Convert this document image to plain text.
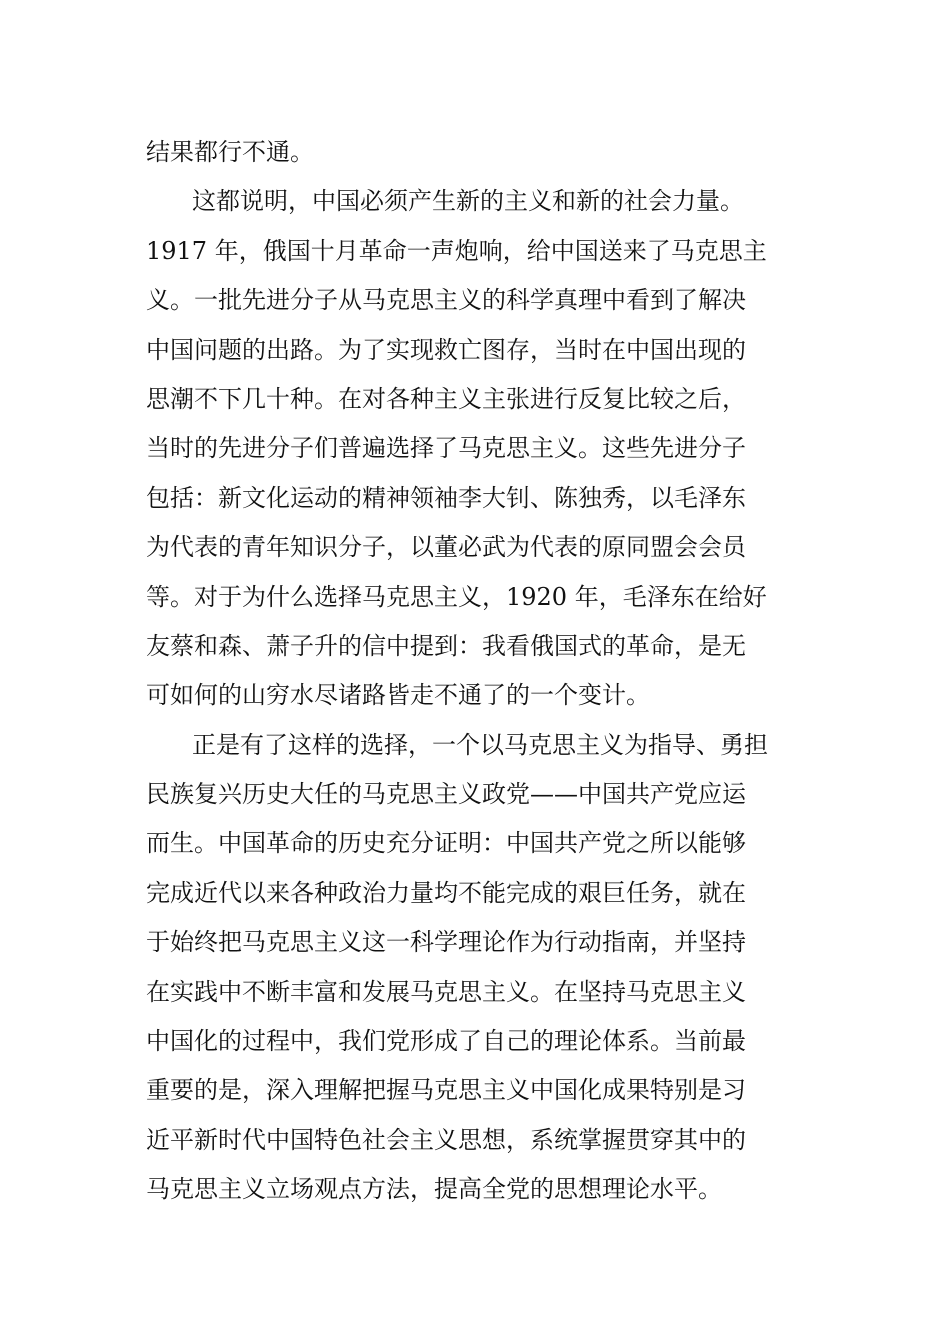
结果都行不通。
这都说明，中国必须产生新的主义和新的社会力量。
1917 年，俄国十月革命一声炮响，给中国送来了马克思主
义。一批先进分子从马克思主义的科学真理中看到了解决
中国问题的出路。为了实现救亡图存，当时在中国出现的
思潮不下几十种。在对各种主义主张进行反复比较之后，
当时的先进分子们普遍选择了马克思主义。这些先进分子
包括：新文化运动的精神领袖李大钊、陈独秀，以毛泽东
为代表的青年知识分子，以董必武为代表的原同盟会会员
等。对于为什么选择马克思主义，1920 年，毛泽东在给好
友蔡和森、萧子升的信中提到：我看俄国式的革命，是无
可如何的山穷水尽诸路皆走不通了的一个变计。
正是有了这样的选择，一个以马克思主义为指导、勇担
民族复兴历史大任的马克思主义政党——中国共产党应运
而生。中国革命的历史充分证明：中国共产党之所以能够
完成近代以来各种政治力量均不能完成的艰巨任务，就在
于始终把马克思主义这一科学理论作为行动指南，并坚持
在实践中不断丰富和发展马克思主义。在坚持马克思主义
中国化的过程中，我们党形成了自己的理论体系。当前最
重要的是，深入理解把握马克思主义中国化成果特别是习
近平新时代中国特色社会主义思想，系统掌握贯穿其中的
马克思主义立场观点方法，提高全党的思想理论水平。
